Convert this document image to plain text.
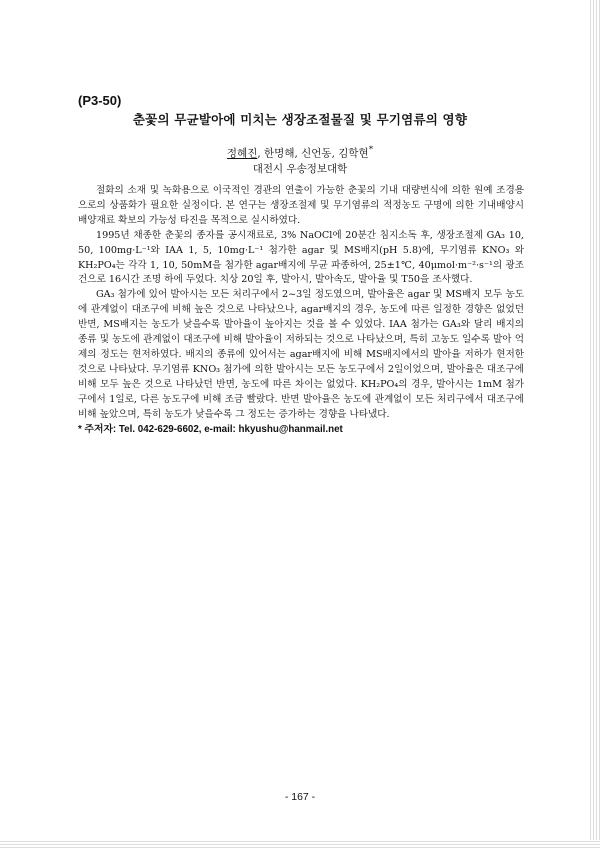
(P3-50)
춘꽃의 무균발아에 미치는 생장조절물질 및 무기염류의 영향
정혜진, 한명해, 신언동, 김학현*
대전시 우송정보대학

절화의 소재 및 녹화용으로 이국적인 경관의 연출이 가능한 춘꽃의 기내 대량번식에 의한 원예 조경용으로의 상품화가 필요한 실정이다. 본 연구는 생장조절제 및 무기염류의 적정농도 구명에 의한 기내배양시 배양재료 확보의 가능성 타진을 목적으로 실시하였다.

1995년 채종한 춘꽃의 종자를 공시재료로, 3% NaOCl에 20분간 침지소독 후, 생장조절제 GA₃ 10, 50, 100mg·L⁻¹와 IAA 1, 5, 10mg·L⁻¹ 첨가한 agar 및 MS배지(pH 5.8)에, 무기염류 KNO₃ 와 KH₂PO₄는 각각 1, 10, 50mM을 첨가한 agar배지에 무균 파종하여, 25±1℃, 40μmol·m⁻²·s⁻¹의 광조건으로 16시간 조명 하에 두었다. 치상 20일 후, 발아시, 발아속도, 발아율 및 T50을 조사했다.

GA₃ 첨가에 있어 발아시는 모든 처리구에서 2~3일 정도였으며, 발아율은 agar 및 MS배지 모두 농도에 관계없이 대조구에 비해 높은 것으로 나타났으나, agar배지의 경우, 농도에 따른 일정한 경향은 없었던 반면, MS배지는 농도가 낮을수록 발아율이 높아지는 것을 볼 수 있었다. IAA 첨가는 GA₃와 달리 배지의 종류 및 농도에 관계없이 대조구에 비해 발아율이 저하되는 것으로 나타났으며, 특히 고농도 일수록 발아 억제의 정도는 현저하였다. 배지의 종류에 있어서는 agar배지에 비해 MS배지에서의 발아율 저하가 현저한 것으로 나타났다. 무기염류 KNO₃ 첨가에 의한 발아시는 모든 농도구에서 2일이었으며, 발아율은 대조구에 비해 모두 높은 것으로 나타났던 반면, 농도에 따른 차이는 없었다. KH₂PO₄의 경우, 발아시는 1mM 첨가구에서 1일로, 다른 농도구에 비해 조금 빨랐다. 반면 발아율은 농도에 관계없이 모든 처리구에서 대조구에 비해 높았으며, 특히 농도가 낮을수록 그 정도는 증가하는 경향을 나타냈다.

* 주저자: Tel. 042-629-6602, e-mail: hkyushu@hanmail.net

- 167 -
